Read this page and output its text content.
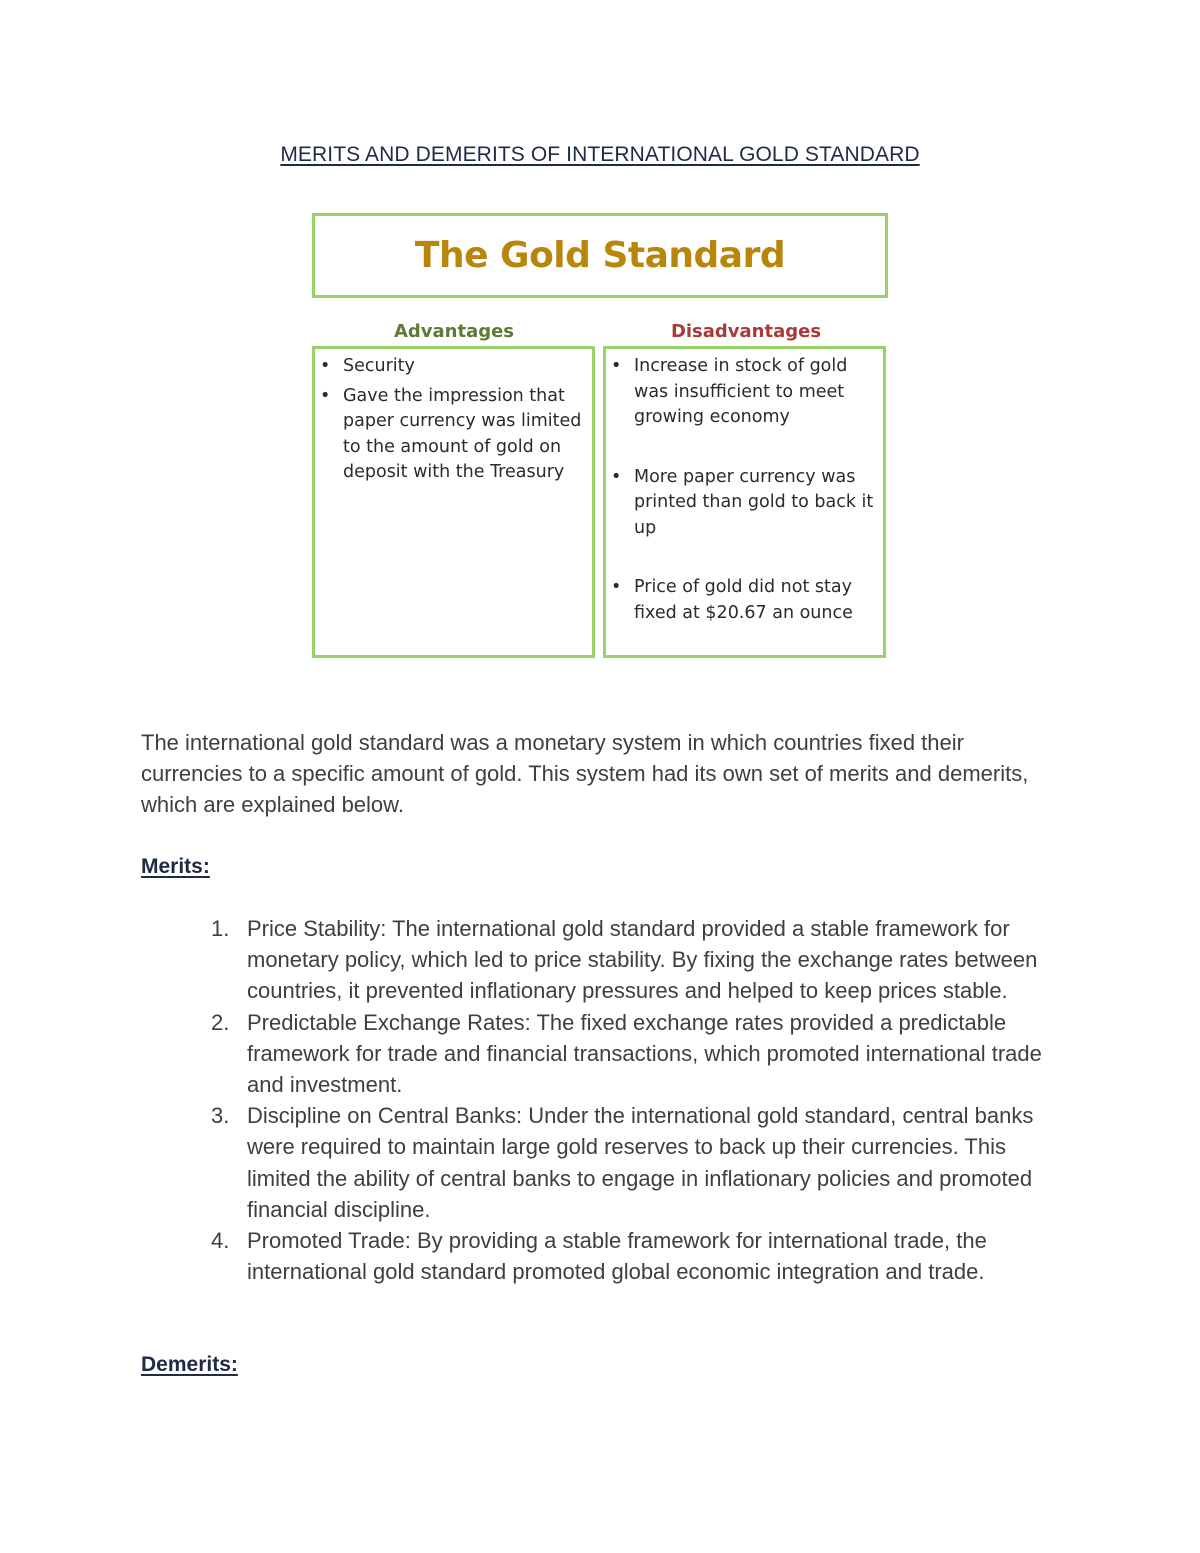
MERITS AND DEMERITS OF INTERNATIONAL GOLD STANDARD
The Gold Standard
Advantages	Disadvantages
• Security
• Gave the impression that paper currency was limited to the amount of gold on deposit with the Treasury
• Increase in stock of gold was insufficient to meet growing economy
• More paper currency was printed than gold to back it up
• Price of gold did not stay fixed at $20.67 an ounce

The international gold standard was a monetary system in which countries fixed their currencies to a specific amount of gold. This system had its own set of merits and demerits, which are explained below.

Merits:
1. Price Stability: The international gold standard provided a stable framework for monetary policy, which led to price stability. By fixing the exchange rates between countries, it prevented inflationary pressures and helped to keep prices stable.
2. Predictable Exchange Rates: The fixed exchange rates provided a predictable framework for trade and financial transactions, which promoted international trade and investment.
3. Discipline on Central Banks: Under the international gold standard, central banks were required to maintain large gold reserves to back up their currencies. This limited the ability of central banks to engage in inflationary policies and promoted financial discipline.
4. Promoted Trade: By providing a stable framework for international trade, the international gold standard promoted global economic integration and trade.
Demerits:
